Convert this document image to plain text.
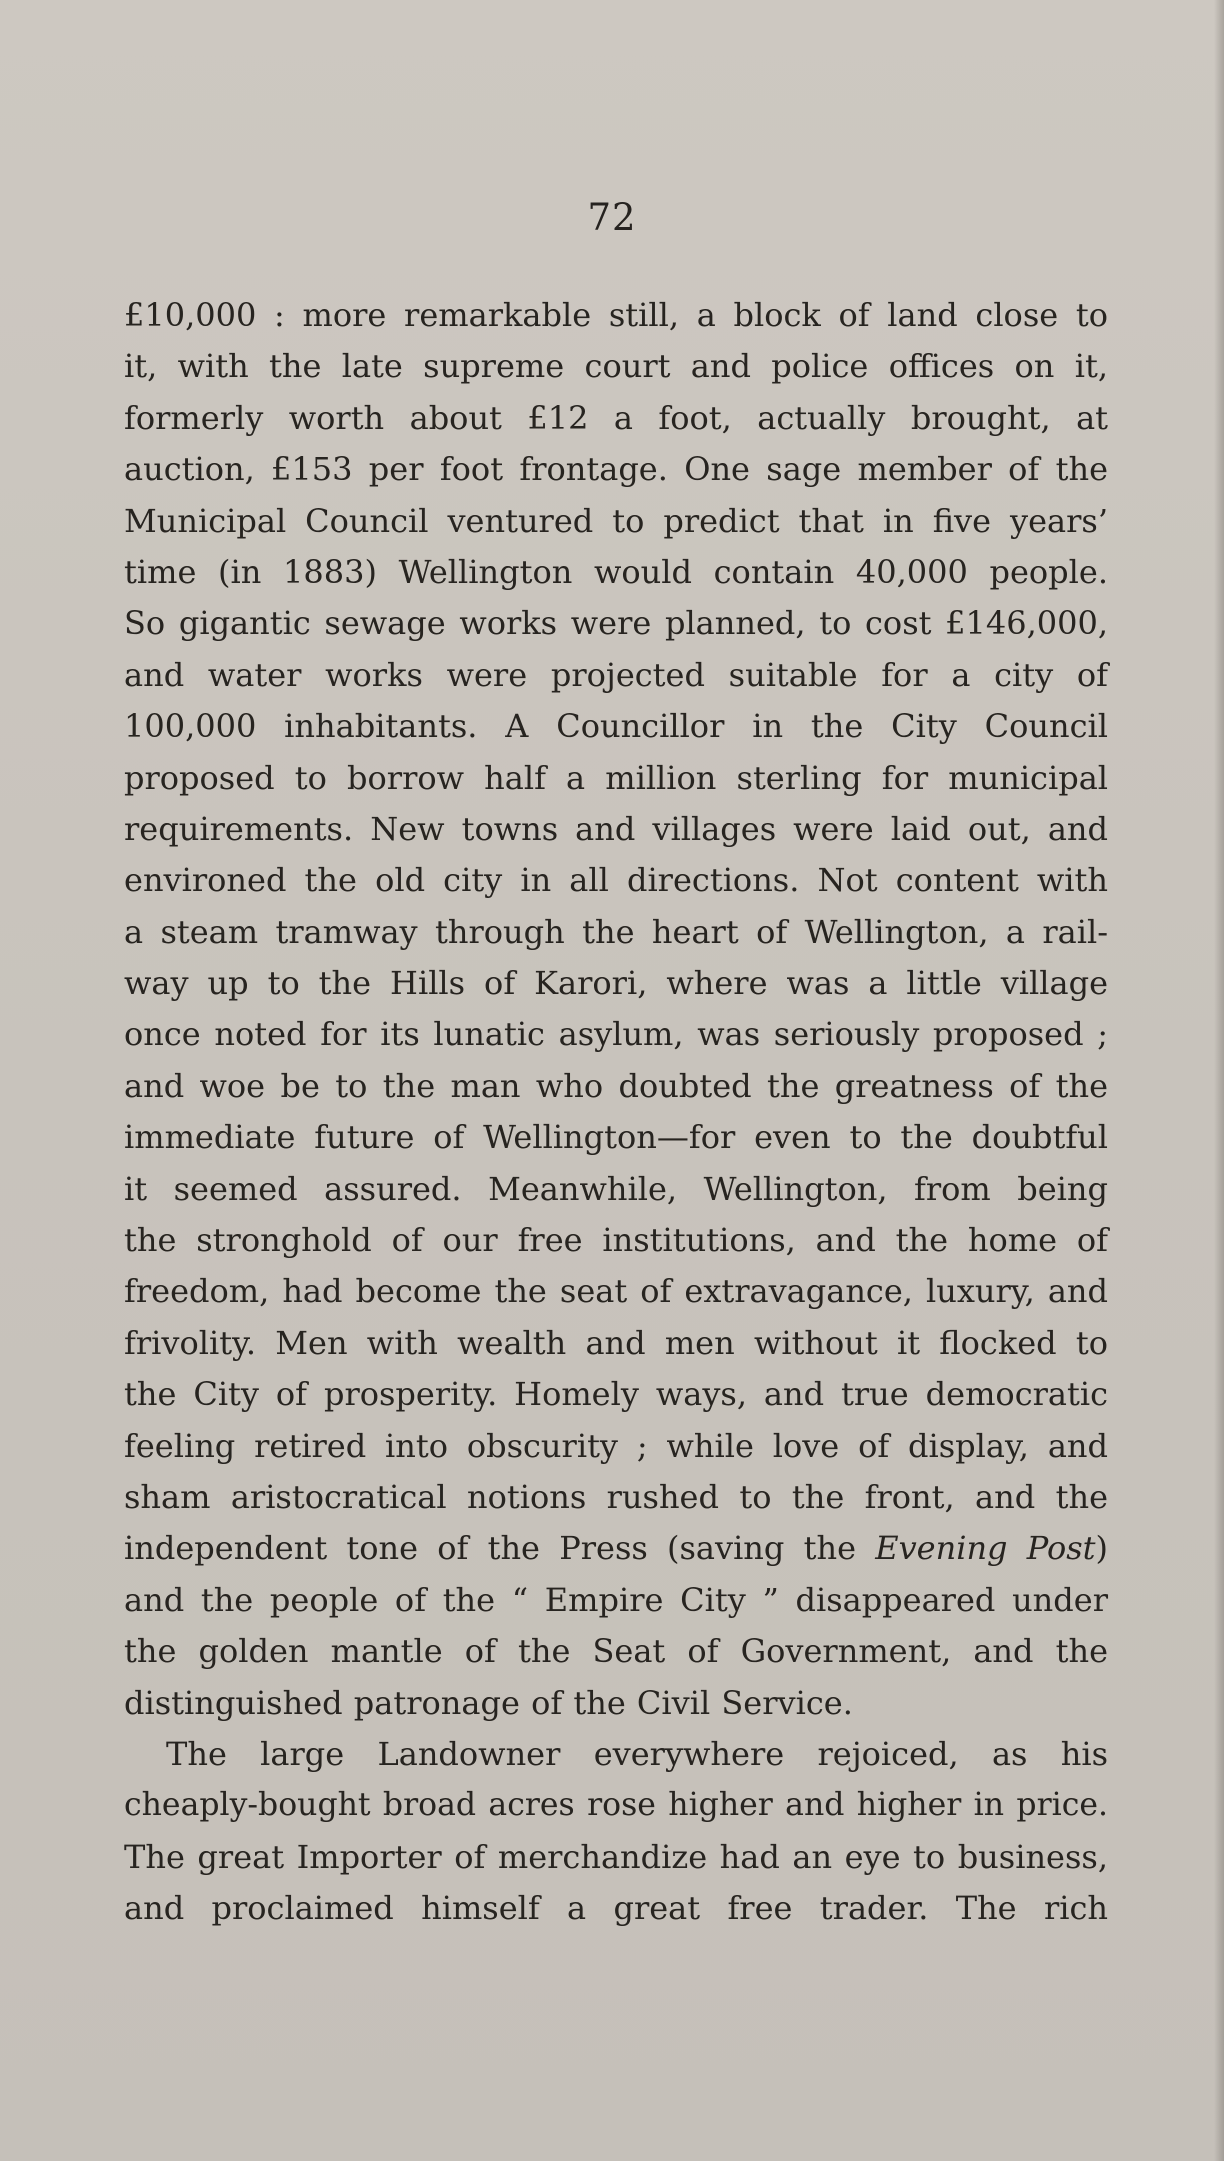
72

£10,000 : more remarkable still, a block of land close to
it, with the late supreme court and police offices on it,
formerly worth about £12 a foot, actually brought, at
auction, £153 per foot frontage. One sage member of the
Municipal Council ventured to predict that in five years’
time (in 1883) Wellington would contain 40,000 people.
So gigantic sewage works were planned, to cost £146,000,
and water works were projected suitable for a city of
100,000 inhabitants. A Councillor in the City Council
proposed to borrow half a million sterling for municipal
requirements. New towns and villages were laid out, and
environed the old city in all directions. Not content with
a steam tramway through the heart of Wellington, a rail-
way up to the Hills of Karori, where was a little village
once noted for its lunatic asylum, was seriously proposed ;
and woe be to the man who doubted the greatness of the
immediate future of Wellington—for even to the doubtful
it seemed assured. Meanwhile, Wellington, from being
the stronghold of our free institutions, and the home of
freedom, had become the seat of extravagance, luxury, and
frivolity. Men with wealth and men without it flocked to
the City of prosperity. Homely ways, and true democratic
feeling retired into obscurity ; while love of display, and
sham aristocratical notions rushed to the front, and the
independent tone of the Press (saving the Evening Post)
and the people of the “ Empire City ” disappeared under
the golden mantle of the Seat of Government, and the
distinguished patronage of the Civil Service.
The large Landowner everywhere rejoiced, as his
cheaply-bought broad acres rose higher and higher in price.
The great Importer of merchandize had an eye to business,
and proclaimed himself a great free trader. The rich
